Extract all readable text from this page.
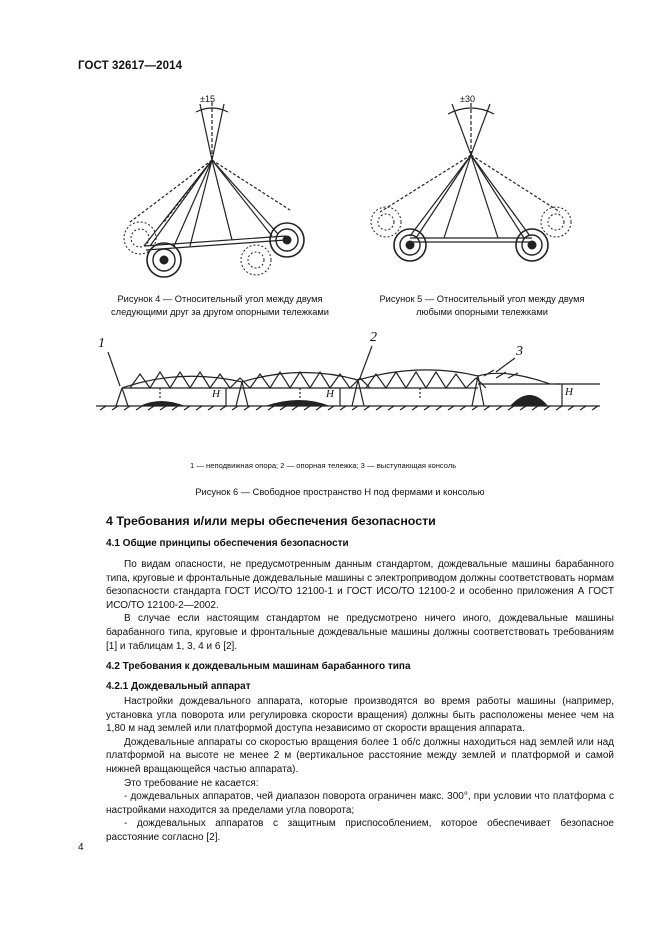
ГОСТ 32617—2014
±15	±30
Рисунок 4 — Относительный угол между двумя
следующими друг за другом опорными тележками
Рисунок 5 — Относительный угол между двумя
любыми опорными тележками
1	2
3
H	H	H
1 — неподвижная опора; 2 — опорная тележка; 3 — выступающая консоль
Рисунок 6 — Свободное пространство H под фермами и консолью
4 Требования и/или меры обеспечения безопасности
4.1 Общие принципы обеспечения безопасности

По видам опасности, не предусмотренным данным стандартом, дождевальные машины барабанного типа, круговые и фронтальные дождевальные машины с электроприводом должны соответствовать нормам безопасности стандарта ГОСТ ИСО/ТО 12100-1 и ГОСТ ИСО/ТО 12100-2 и особенно приложения А ГОСТ ИСО/ТО 12100-2—2002.

В случае если настоящим стандартом не предусмотрено ничего иного, дождевальные машины барабанного типа, круговые и фронтальные дождевальные машины должны соответствовать требованиям [1] и таблицам 1, 3, 4 и 6 [2].

4.2 Требования к дождевальным машинам барабанного типа
4.2.1 Дождевальный аппарат

Настройки дождевального аппарата, которые производятся во время работы машины (например, установка угла поворота или регулировка скорости вращения) должны быть расположены менее чем на 1,80 м над землей или платформой доступа независимо от скорости вращения аппарата.

Дождевальные аппараты со скоростью вращения более 1 об/с должны находиться над землей или над платформой на высоте не менее 2 м (вертикальное расстояние между землей и платформой и самой нижней вращающейся частью аппарата).

Это требование не касается:

- дождевальных аппаратов, чей диапазон поворота ограничен макс. 300°, при условии что платформа с настройками находится за пределами угла поворота;

- дождевальных аппаратов с защитным приспособлением, которое обеспечивает безопасное расстояние согласно [2].

4
